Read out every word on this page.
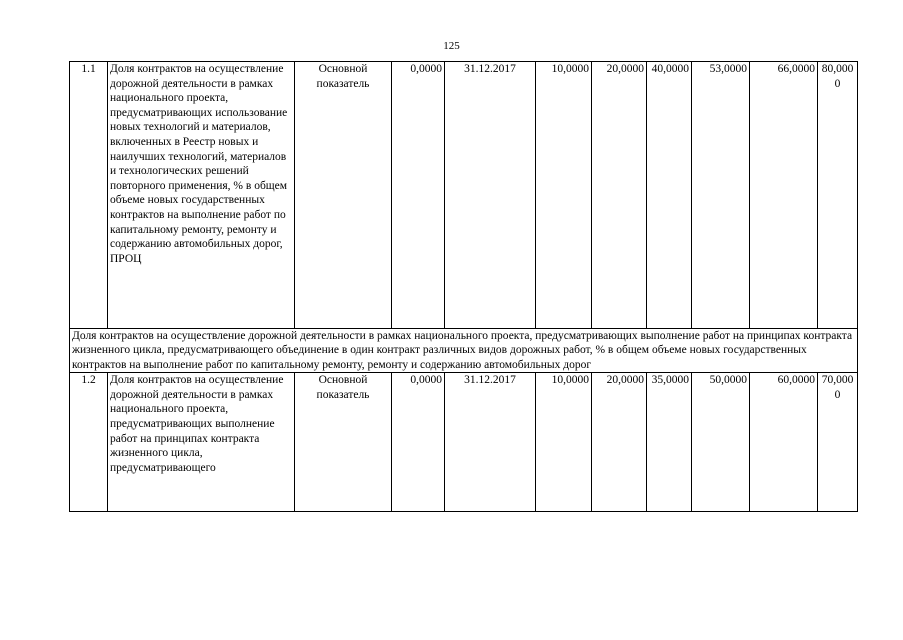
125
1.1	Доля контрактов на осуществление дорожной деятельности в рамках национального проекта, предусматривающих использование новых технологий и материалов, включенных в Реестр новых и наилучших технологий, материалов и технологических решений повторного применения, % в общем объеме новых государственных контрактов на выполнение работ по капитальному ремонту, ремонту и содержанию автомобильных дорог, ПРОЦ	Основной показатель	0,0000	31.12.2017	10,0000	20,0000	40,0000	53,0000	66,0000	80,0000
Доля контрактов на осуществление дорожной деятельности в рамках национального проекта, предусматривающих выполнение работ на принципах контракта жизненного цикла, предусматривающего объединение в один контракт различных видов дорожных работ, % в общем объеме новых государственных контрактов на выполнение работ по капитальному ремонту, ремонту и содержанию автомобильных дорог										
1.2	Доля контрактов на осуществление дорожной деятельности в рамках национального проекта, предусматривающих выполнение работ на принципах контракта жизненного цикла, предусматривающего	Основной показатель	0,0000	31.12.2017	10,0000	20,0000	35,0000	50,0000	60,0000	70,0000
